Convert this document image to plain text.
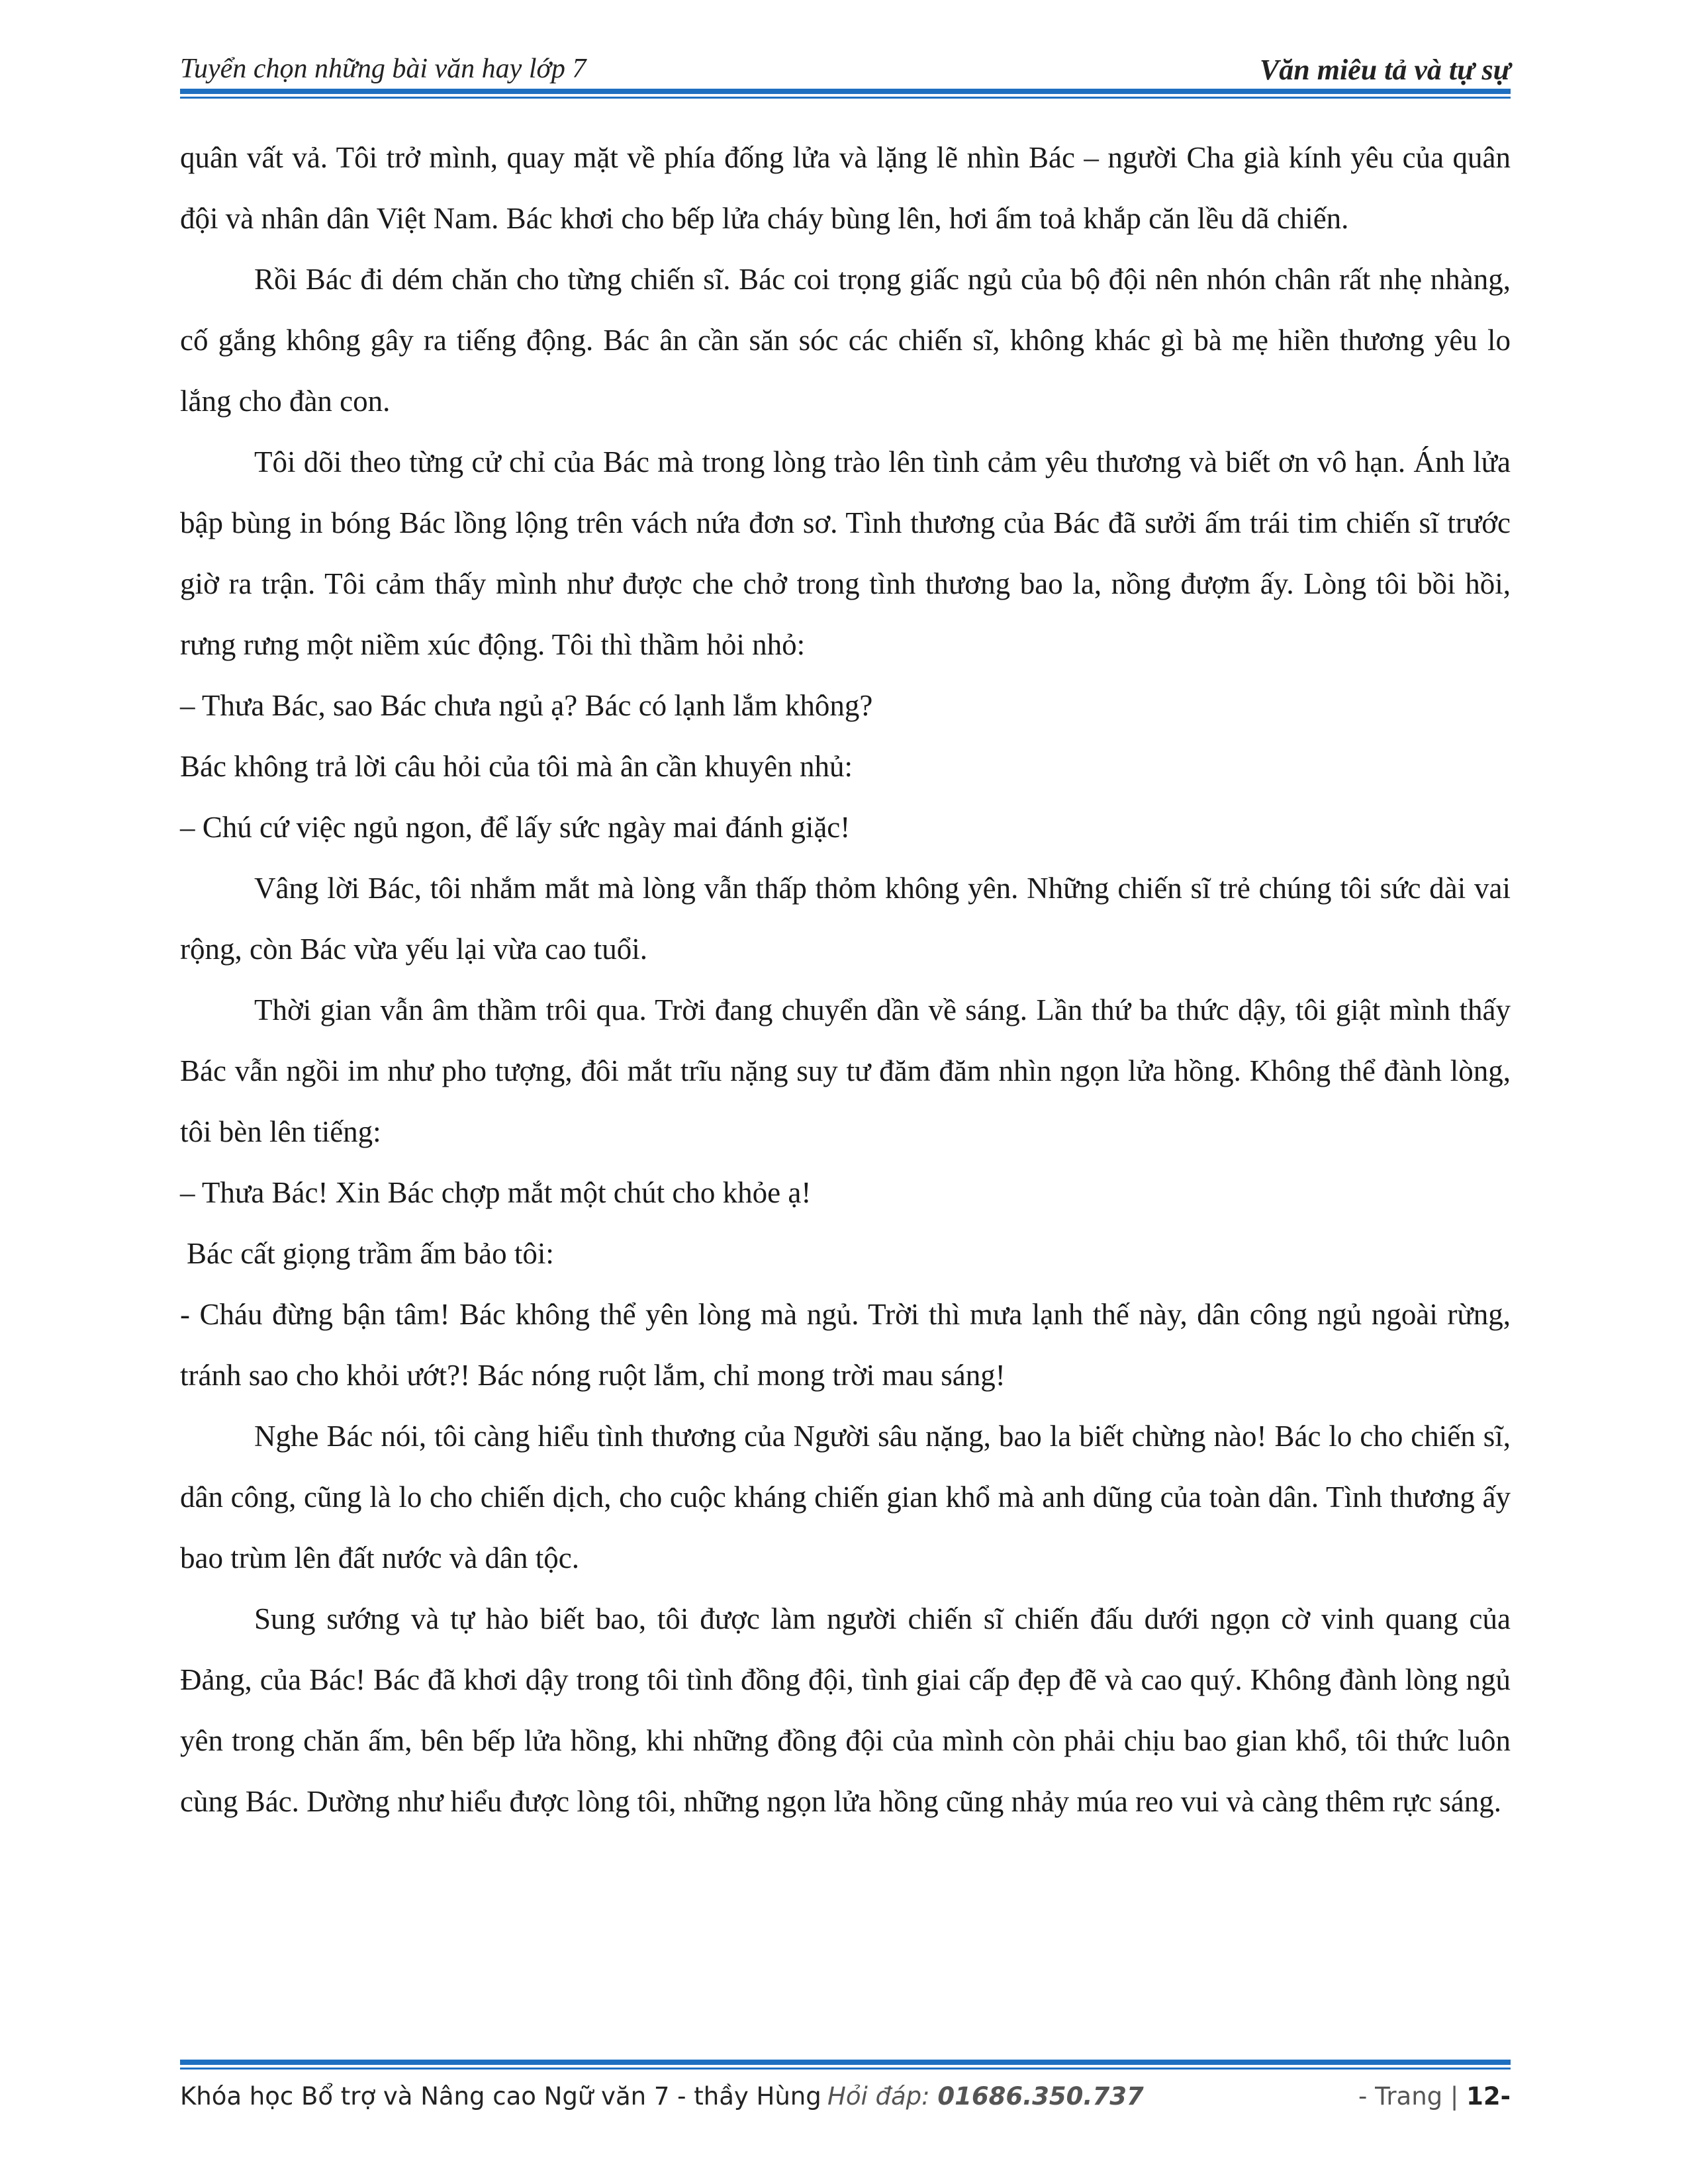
Tuyển chọn những bài văn hay lớp 7	Văn miêu tả và tự sự

quân vất vả. Tôi trở mình, quay mặt về phía đống lửa và lặng lẽ nhìn Bác – người Cha già kính yêu của quân đội và nhân dân Việt Nam. Bác khơi cho bếp lửa cháy bùng lên, hơi ấm toả khắp căn lều dã chiến.

Rồi Bác đi dém chăn cho từng chiến sĩ. Bác coi trọng giấc ngủ của bộ đội nên nhón chân rất nhẹ nhàng, cố gắng không gây ra tiếng động. Bác ân cần săn sóc các chiến sĩ, không khác gì bà mẹ hiền thương yêu lo lắng cho đàn con.

Tôi dõi theo từng cử chỉ của Bác mà trong lòng trào lên tình cảm yêu thương và biết ơn vô hạn. Ánh lửa bập bùng in bóng Bác lồng lộng trên vách nứa đơn sơ. Tình thương của Bác đã sưởi ấm trái tim chiến sĩ trước giờ ra trận. Tôi cảm thấy mình như được che chở trong tình thương bao la, nồng đượm ấy. Lòng tôi bồi hồi, rưng rưng một niềm xúc động. Tôi thì thầm hỏi nhỏ:

– Thưa Bác, sao Bác chưa ngủ ạ? Bác có lạnh lắm không?

Bác không trả lời câu hỏi của tôi mà ân cần khuyên nhủ:

– Chú cứ việc ngủ ngon, để lấy sức ngày mai đánh giặc!

Vâng lời Bác, tôi nhắm mắt mà lòng vẫn thấp thỏm không yên. Những chiến sĩ trẻ chúng tôi sức dài vai rộng, còn Bác vừa yếu lại vừa cao tuổi.

Thời gian vẫn âm thầm trôi qua. Trời đang chuyển dần về sáng. Lần thứ ba thức dậy, tôi giật mình thấy Bác vẫn ngồi im như pho tượng, đôi mắt trĩu nặng suy tư đăm đăm nhìn ngọn lửa hồng. Không thể đành lòng, tôi bèn lên tiếng:

– Thưa Bác! Xin Bác chợp mắt một chút cho khỏe ạ!

Bác cất giọng trầm ấm bảo tôi:

- Cháu đừng bận tâm! Bác không thể yên lòng mà ngủ. Trời thì mưa lạnh thế này, dân công ngủ ngoài rừng, tránh sao cho khỏi ướt?! Bác nóng ruột lắm, chỉ mong trời mau sáng!

Nghe Bác nói, tôi càng hiểu tình thương của Người sâu nặng, bao la biết chừng nào! Bác lo cho chiến sĩ, dân công, cũng là lo cho chiến dịch, cho cuộc kháng chiến gian khổ mà anh dũng của toàn dân. Tình thương ấy bao trùm lên đất nước và dân tộc.

Sung sướng và tự hào biết bao, tôi được làm người chiến sĩ chiến đấu dưới ngọn cờ vinh quang của Đảng, của Bác! Bác đã khơi dậy trong tôi tình đồng đội, tình giai cấp đẹp đẽ và cao quý. Không đành lòng ngủ yên trong chăn ấm, bên bếp lửa hồng, khi những đồng đội của mình còn phải chịu bao gian khổ, tôi thức luôn cùng Bác. Dường như hiểu được lòng tôi, những ngọn lửa hồng cũng nhảy múa reo vui và càng thêm rực sáng.

Khóa học Bổ trợ và Nâng cao Ngữ văn 7 - thầy Hùng Hỏi đáp: 01686.350.737	- Trang | 12-
